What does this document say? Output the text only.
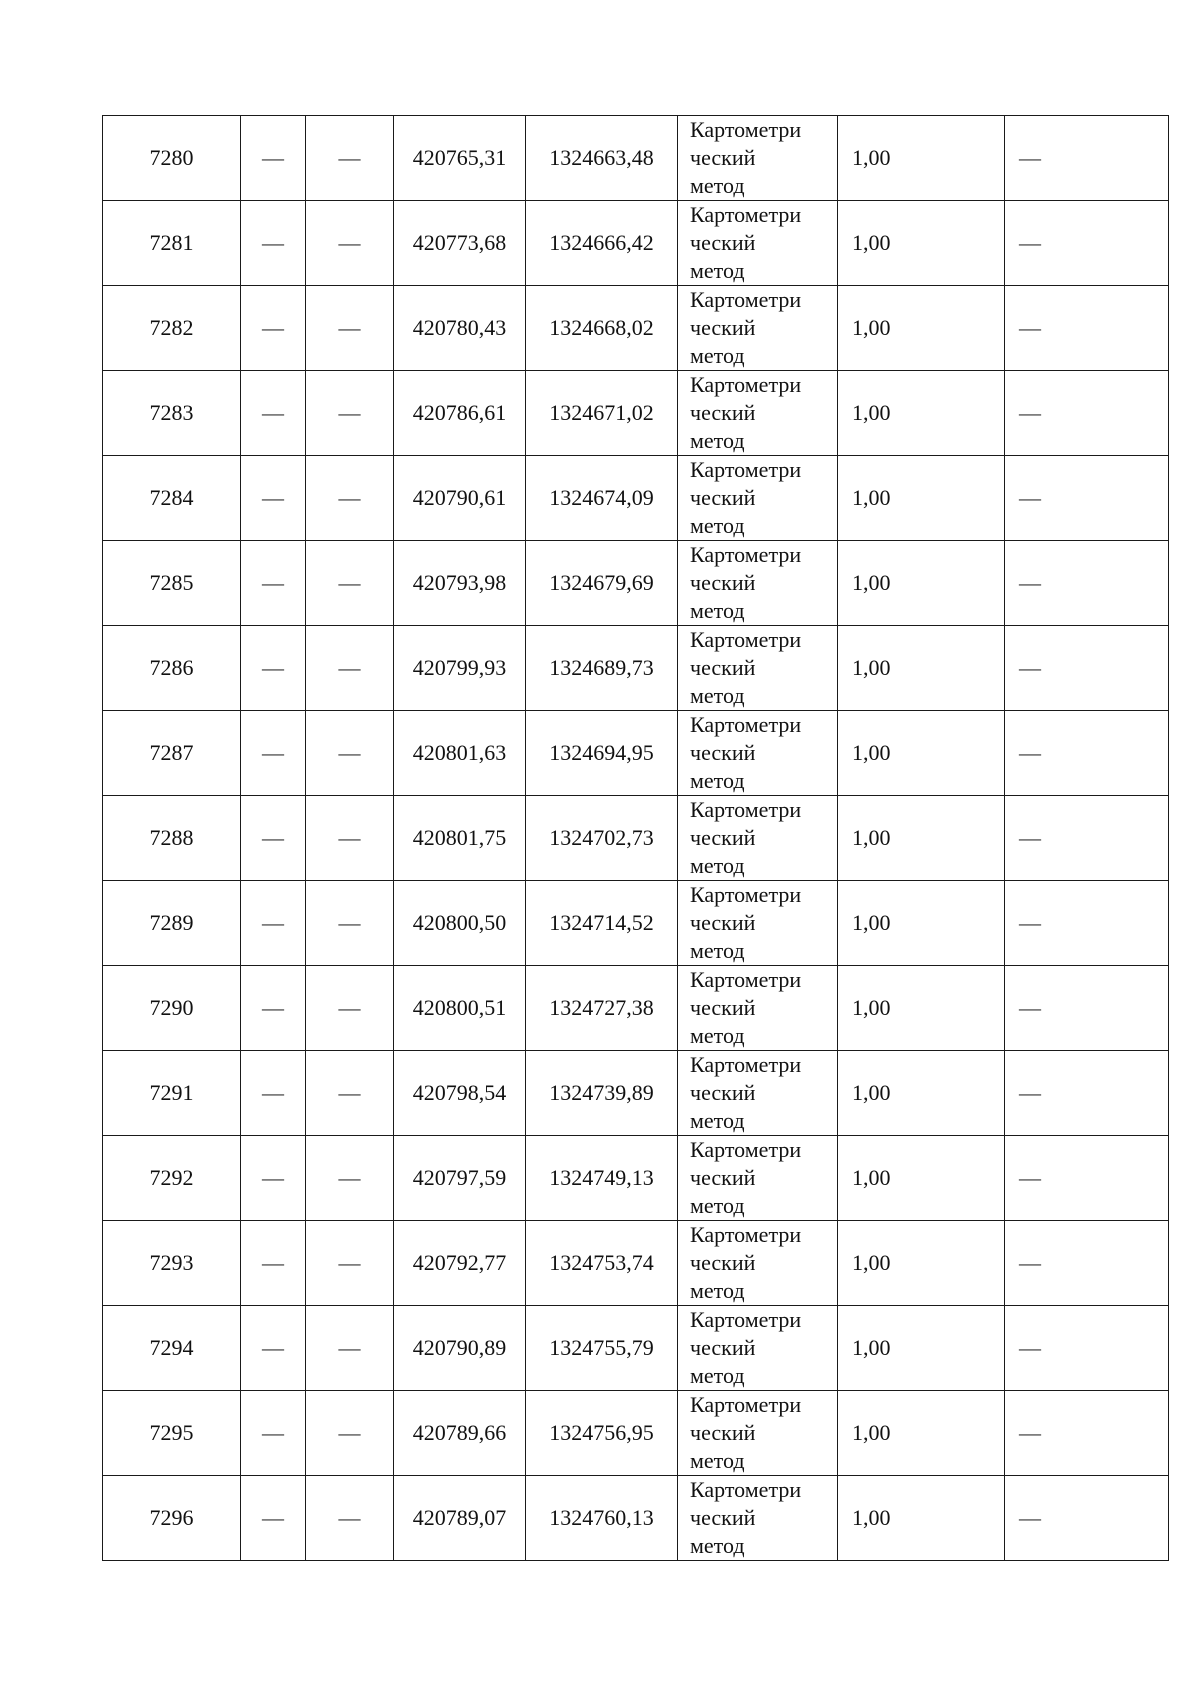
7280	—	—	420765,31	1324663,48	Картометри
ческий
метод	1,00	—
7281	—	—	420773,68	1324666,42	Картометри
ческий
метод	1,00	—
7282	—	—	420780,43	1324668,02	Картометри
ческий
метод	1,00	—
7283	—	—	420786,61	1324671,02	Картометри
ческий
метод	1,00	—
7284	—	—	420790,61	1324674,09	Картометри
ческий
метод	1,00	—
7285	—	—	420793,98	1324679,69	Картометри
ческий
метод	1,00	—
7286	—	—	420799,93	1324689,73	Картометри
ческий
метод	1,00	—
7287	—	—	420801,63	1324694,95	Картометри
ческий
метод	1,00	—
7288	—	—	420801,75	1324702,73	Картометри
ческий
метод	1,00	—
7289	—	—	420800,50	1324714,52	Картометри
ческий
метод	1,00	—
7290	—	—	420800,51	1324727,38	Картометри
ческий
метод	1,00	—
7291	—	—	420798,54	1324739,89	Картометри
ческий
метод	1,00	—
7292	—	—	420797,59	1324749,13	Картометри
ческий
метод	1,00	—
7293	—	—	420792,77	1324753,74	Картометри
ческий
метод	1,00	—
7294	—	—	420790,89	1324755,79	Картометри
ческий
метод	1,00	—
7295	—	—	420789,66	1324756,95	Картометри
ческий
метод	1,00	—
7296	—	—	420789,07	1324760,13	Картометри
ческий
метод	1,00	—
